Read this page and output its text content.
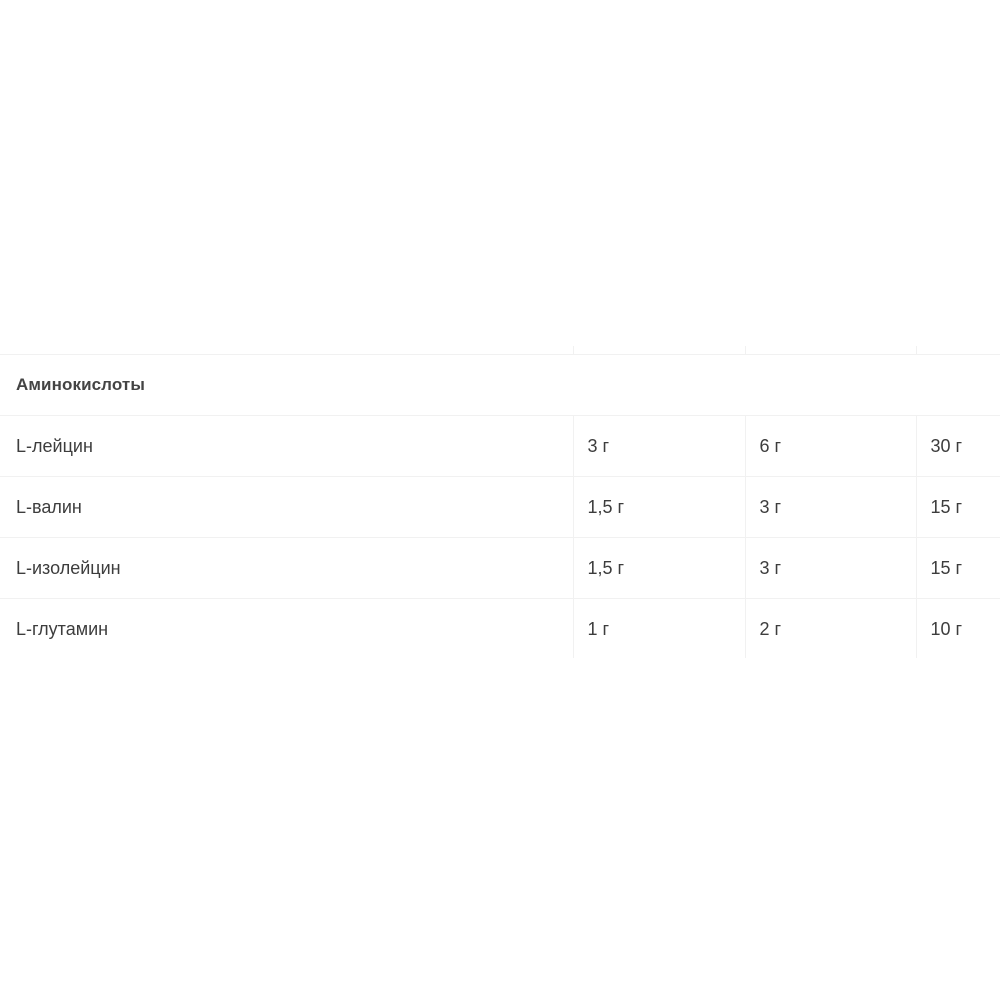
Аминокислоты			
L-лейцин	3 г	6 г	30 г
L-валин	1,5 г	3 г	15 г
L-изолейцин	1,5 г	3 г	15 г
L-глутамин	1 г	2 г	10 г
